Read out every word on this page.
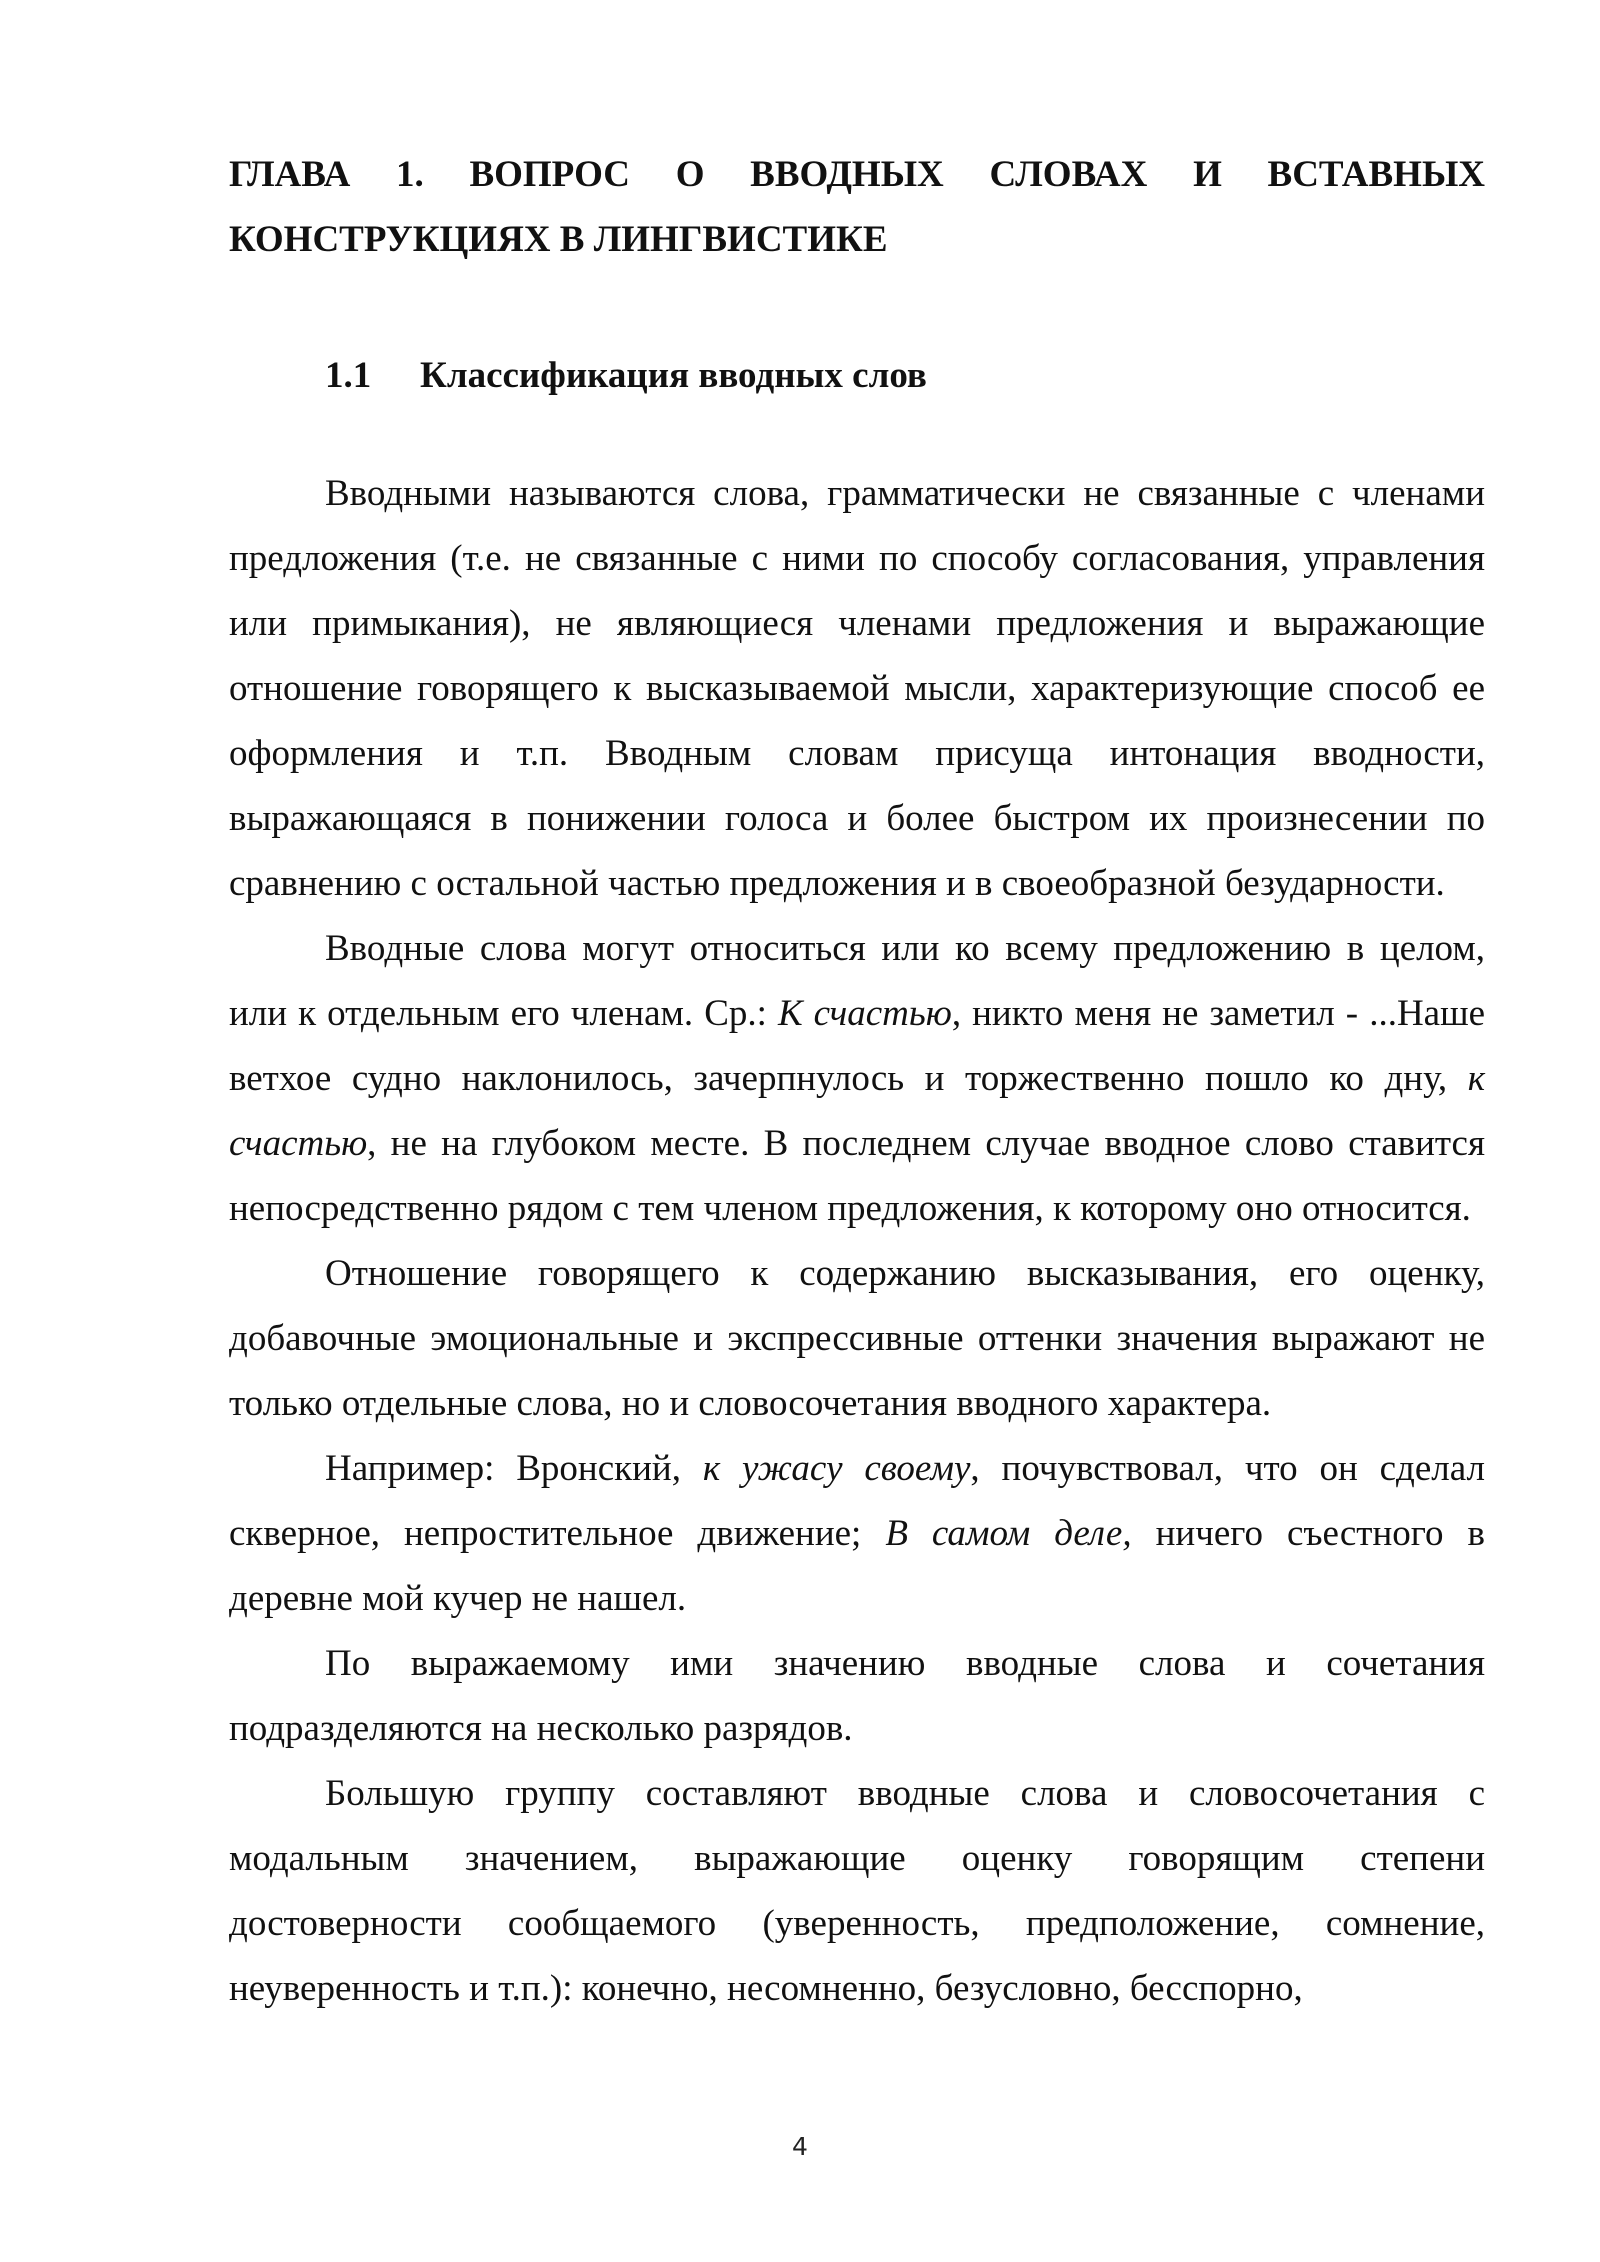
ГЛАВА 1. ВОПРОС О ВВОДНЫХ СЛОВАХ И ВСТАВНЫХ КОНСТРУКЦИЯХ В ЛИНГВИСТИКЕ
1.1 Классификация вводных слов

Вводными называются слова, грамматически не связанные с членами предложения (т.е. не связанные с ними по способу согласования, управления или примыкания), не являющиеся членами предложения и выражающие отношение говорящего к высказываемой мысли, характеризующие способ ее оформления и т.п. Вводным словам присуща интонация вводности, выражающаяся в понижении голоса и более быстром их произнесении по сравнению с остальной частью предложения и в своеобразной безударности.

Вводные слова могут относиться или ко всему предложению в целом, или к отдельным его членам. Ср.: К счастью, никто меня не заметил - ...Наше ветхое судно наклонилось, зачерпнулось и торжественно пошло ко дну, к счастью, не на глубоком месте. В последнем случае вводное слово ставится непосредственно рядом с тем членом предложения, к которому оно относится.

Отношение говорящего к содержанию высказывания, его оценку, добавочные эмоциональные и экспрессивные оттенки значения выражают не только отдельные слова, но и словосочетания вводного характера.

Например: Вронский, к ужасу своему, почувствовал, что он сделал скверное, непростительное движение; В самом деле, ничего съестного в деревне мой кучер не нашел.

По выражаемому ими значению вводные слова и сочетания подразделяются на несколько разрядов.

Большую группу составляют вводные слова и словосочетания с модальным значением, выражающие оценку говорящим степени достоверности сообщаемого (уверенность, предположение, сомнение, неуверенность и т.п.): конечно, несомненно, безусловно, бесспорно,

4
